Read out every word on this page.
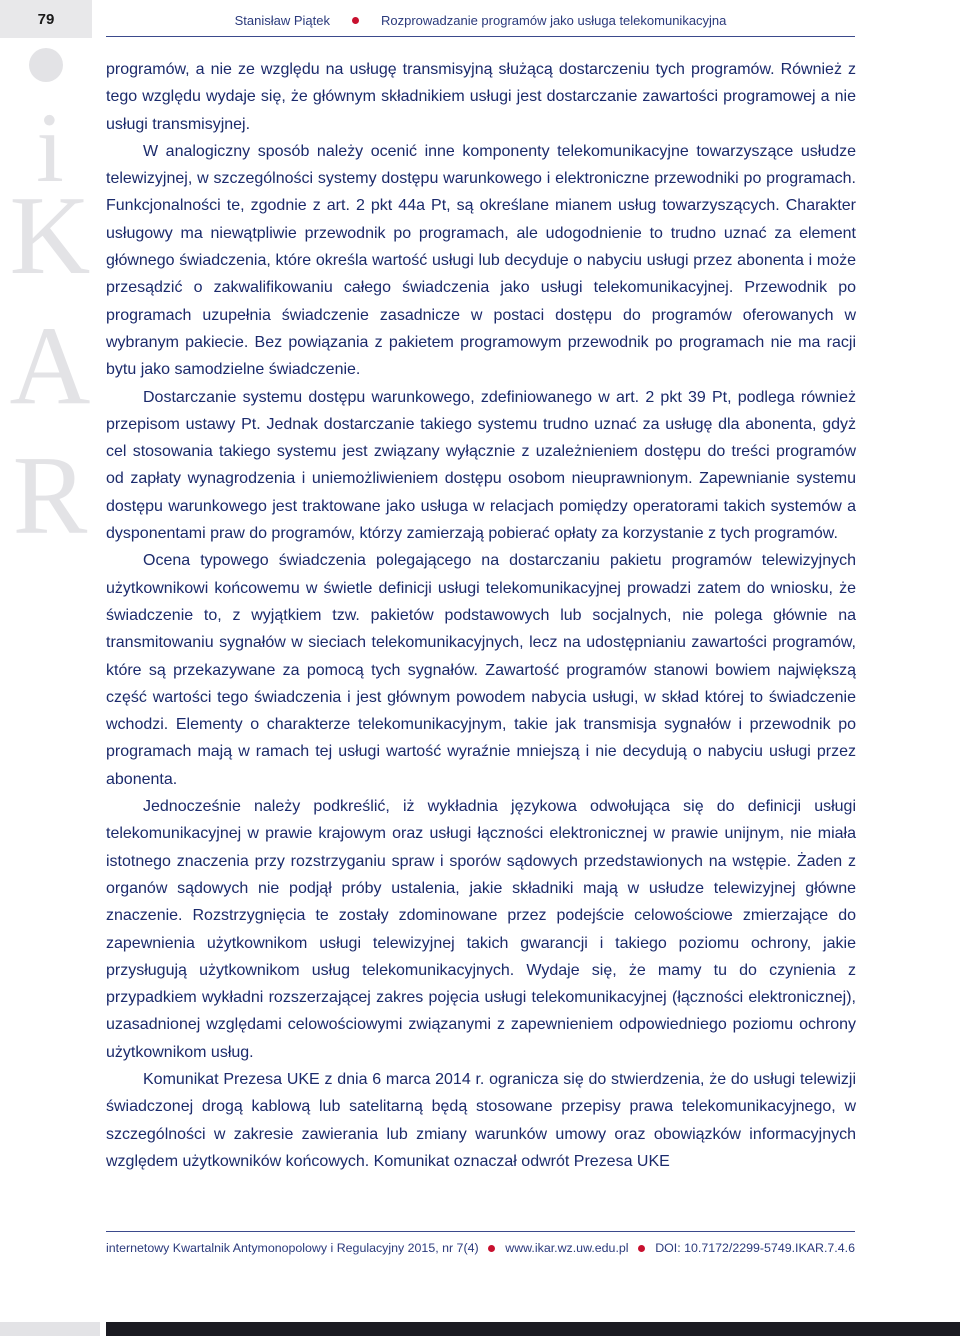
79	Stanisław Piątek	Rozprowadzanie programów jako usługa telekomunikacyjna
i
K
A
R

programów, a nie ze względu na usługę transmisyjną służącą dostarczeniu tych programów. Również z tego względu wydaje się, że głównym składnikiem usługi jest dostarczanie zawartości programowej a nie usługi transmisyjnej.

W analogiczny sposób należy ocenić inne komponenty telekomunikacyjne towarzyszące usłudze telewizyjnej, w szczególności systemy dostępu warunkowego i elektroniczne przewodniki po programach. Funkcjonalności te, zgodnie z art. 2 pkt 44a Pt, są określane mianem usług towarzyszących. Charakter usługowy ma niewątpliwie przewodnik po programach, ale udogodnienie to trudno uznać za element głównego świadczenia, które określa wartość usługi lub decyduje o nabyciu usługi przez abonenta i może przesądzić o zakwalifikowaniu całego świadczenia jako usługi telekomunikacyjnej. Przewodnik po programach uzupełnia świadczenie zasadnicze w postaci dostępu do programów oferowanych w wybranym pakiecie. Bez powiązania z pakietem programowym przewodnik po programach nie ma racji bytu jako samodzielne świadczenie.

Dostarczanie systemu dostępu warunkowego, zdefiniowanego w art. 2 pkt 39 Pt, podlega również przepisom ustawy Pt. Jednak dostarczanie takiego systemu trudno uznać za usługę dla abonenta, gdyż cel stosowania takiego systemu jest związany wyłącznie z uzależnieniem dostępu do treści programów od zapłaty wynagrodzenia i uniemożliwieniem dostępu osobom nieuprawnionym. Zapewnianie systemu dostępu warunkowego jest traktowane jako usługa w relacjach pomiędzy operatorami takich systemów a dysponentami praw do programów, którzy zamierzają pobierać opłaty za korzystanie z tych programów.

Ocena typowego świadczenia polegającego na dostarczaniu pakietu programów telewizyjnych użytkownikowi końcowemu w świetle definicji usługi telekomunikacyjnej prowadzi zatem do wniosku, że świadczenie to, z wyjątkiem tzw. pakietów podstawowych lub socjalnych, nie polega głównie na transmitowaniu sygnałów w sieciach telekomunikacyjnych, lecz na udostępnianiu zawartości programów, które są przekazywane za pomocą tych sygnałów. Zawartość programów stanowi bowiem największą część wartości tego świadczenia i jest głównym powodem nabycia usługi, w skład której to świadczenie wchodzi. Elementy o charakterze telekomunikacyjnym, takie jak transmisja sygnałów i przewodnik po programach mają w ramach tej usługi wartość wyraźnie mniejszą i nie decydują o nabyciu usługi przez abonenta.

Jednocześnie należy podkreślić, iż wykładnia językowa odwołująca się do definicji usługi telekomunikacyjnej w prawie krajowym oraz usługi łączności elektronicznej w prawie unijnym, nie miała istotnego znaczenia przy rozstrzyganiu spraw i sporów sądowych przedstawionych na wstępie. Żaden z organów sądowych nie podjął próby ustalenia, jakie składniki mają w usłudze telewizyjnej główne znaczenie. Rozstrzygnięcia te zostały zdominowane przez podejście celowościowe zmierzające do zapewnienia użytkownikom usługi telewizyjnej takich gwarancji i takiego poziomu ochrony, jakie przysługują użytkownikom usług telekomunikacyjnych. Wydaje się, że mamy tu do czynienia z przypadkiem wykładni rozszerzającej zakres pojęcia usługi telekomunikacyjnej (łączności elektronicznej), uzasadnionej względami celowościowymi związanymi z zapewnieniem odpowiedniego poziomu ochrony użytkownikom usług.

Komunikat Prezesa UKE z dnia 6 marca 2014 r. ogranicza się do stwierdzenia, że do usługi telewizji świadczonej drogą kablową lub satelitarną będą stosowane przepisy prawa telekomunikacyjnego, w szczególności w zakresie zawierania lub zmiany warunków umowy oraz obowiązków informacyjnych względem użytkowników końcowych. Komunikat oznaczał odwrót Prezesa UKE

internetowy Kwartalnik Antymonopolowy i Regulacyjny 2015, nr 7(4) www.ikar.wz.uw.edu.pl DOI: 10.7172/2299-5749.IKAR.7.4.6
